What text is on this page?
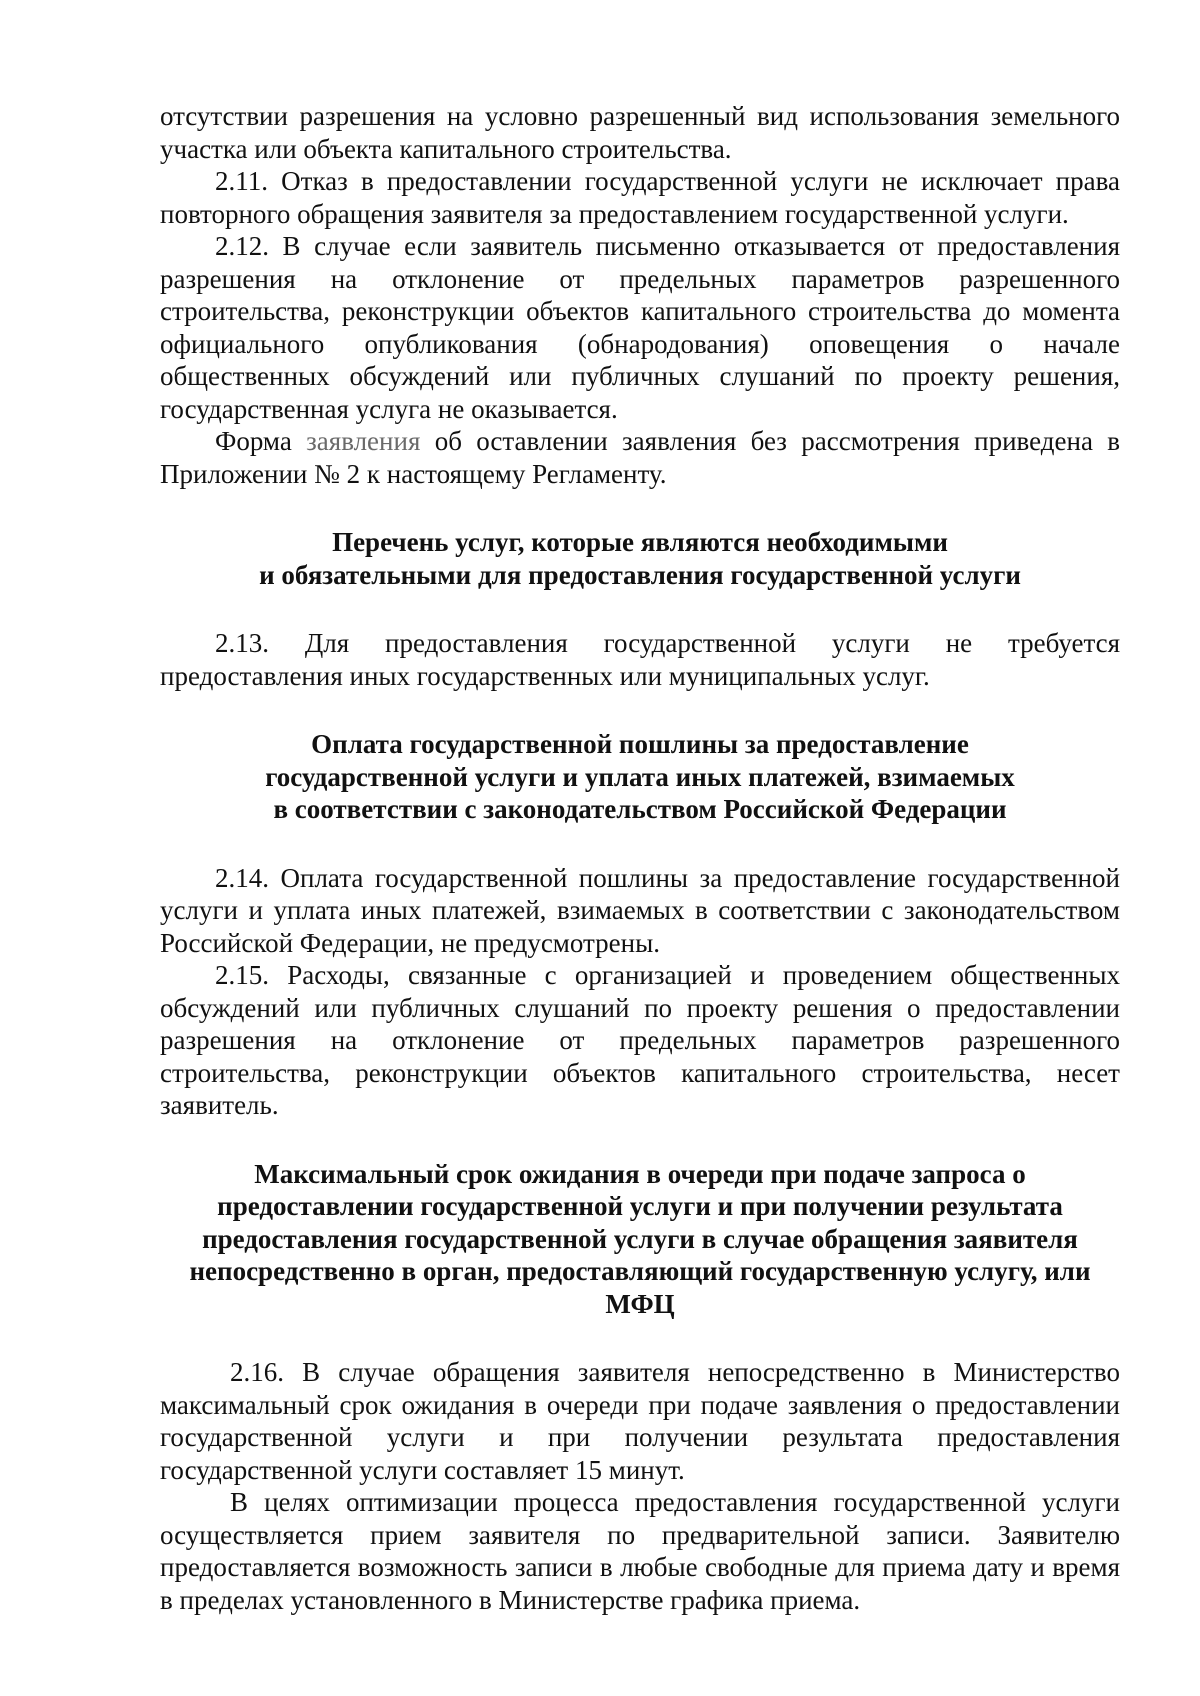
отсутствии разрешения на условно разрешенный вид использования земельного участка или объекта капитального строительства.

2.11. Отказ в предоставлении государственной услуги не исключает права повторного обращения заявителя за предоставлением государственной услуги.

2.12. В случае если заявитель письменно отказывается от предоставления разрешения на отклонение от предельных параметров разрешенного строительства, реконструкции объектов капитального строительства до момента официального опубликования (обнародования) оповещения о начале общественных обсуждений или публичных слушаний по проекту решения, государственная услуга не оказывается.

Форма заявления об оставлении заявления без рассмотрения приведена в Приложении № 2 к настоящему Регламенту.

Перечень услуг, которые являются необходимыми

и обязательными для предоставления государственной услуги

2.13. Для предоставления государственной услуги не требуется предоставления иных государственных или муниципальных услуг.

Оплата государственной пошлины за предоставление

государственной услуги и уплата иных платежей, взимаемых

в соответствии с законодательством Российской Федерации

2.14. Оплата государственной пошлины за предоставление государственной услуги и уплата иных платежей, взимаемых в соответствии с законодательством Российской Федерации, не предусмотрены.

2.15. Расходы, связанные с организацией и проведением общественных обсуждений или публичных слушаний по проекту решения о предоставлении разрешения на отклонение от предельных параметров разрешенного строительства, реконструкции объектов капитального строительства, несет заявитель.

Максимальный срок ожидания в очереди при подаче запроса о

предоставлении государственной услуги и при получении результата

предоставления государственной услуги в случае обращения заявителя

непосредственно в орган, предоставляющий государственную услугу, или

МФЦ

2.16. В случае обращения заявителя непосредственно в Министерство максимальный срок ожидания в очереди при подаче заявления о предоставлении государственной услуги и при получении результата предоставления государственной услуги составляет 15 минут.

В целях оптимизации процесса предоставления государственной услуги осуществляется прием заявителя по предварительной записи. Заявителю предоставляется возможность записи в любые свободные для приема дату и время в пределах установленного в Министерстве графика приема.
